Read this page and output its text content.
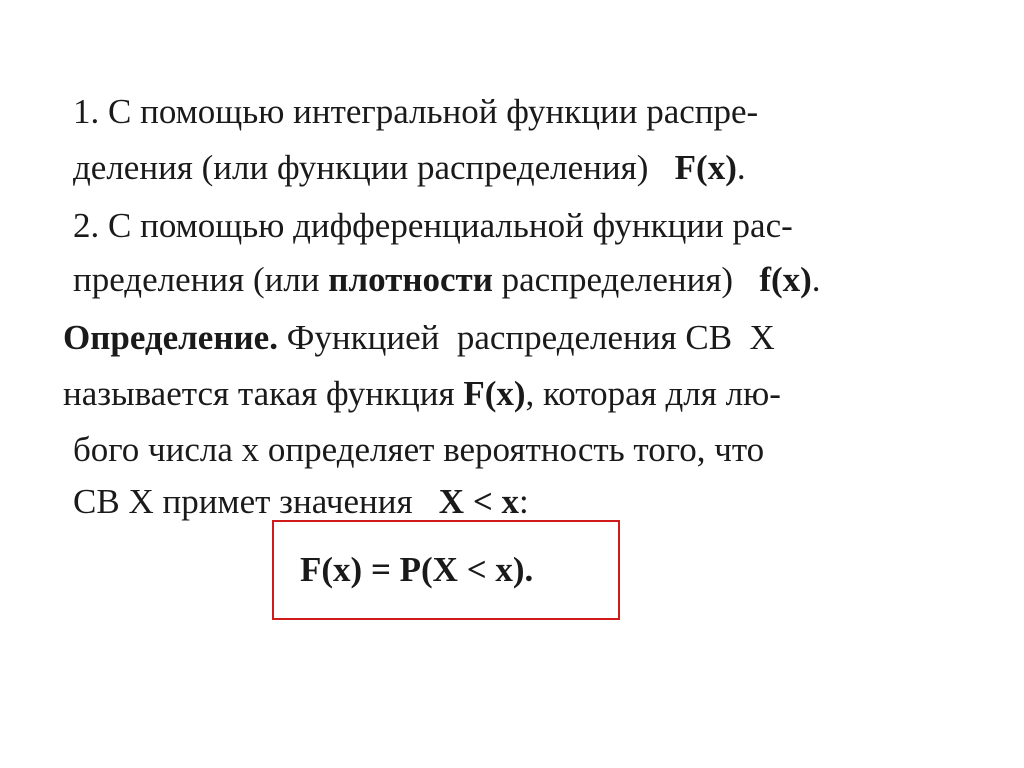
1. С помощью интегральной функции распре-

деления (или функции распределения)   F(x).

2. С помощью дифференциальной функции рас-

пределения (или плотности распределения)   f(x).

Определение. Функцией  распределения СВ  X

называется такая функция F(x), которая для лю-

бого числа x определяет вероятность того, что

СВ X примет значения   X < x:

F(x) = P(X < x).
